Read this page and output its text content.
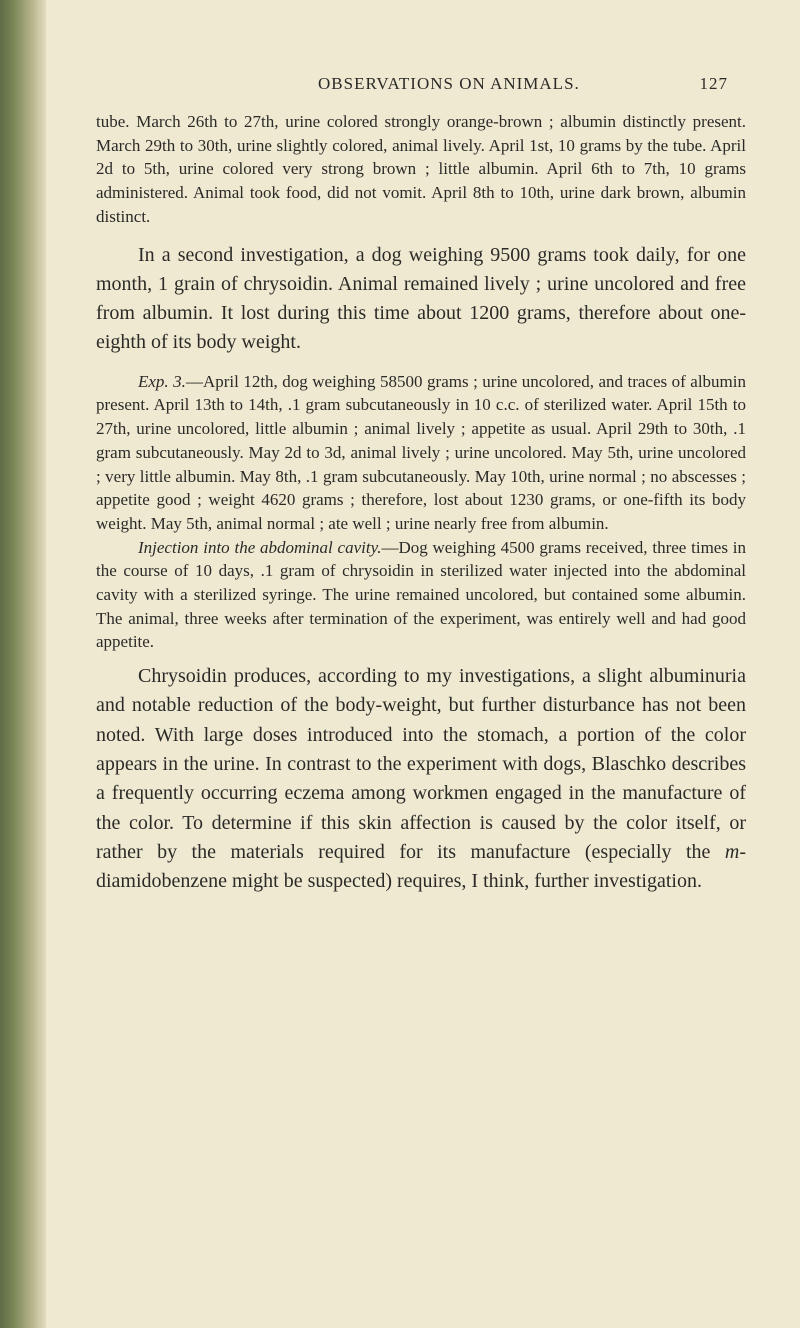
OBSERVATIONS ON ANIMALS.	127

tube. March 26th to 27th, urine colored strongly orange-brown ; albumin distinctly present. March 29th to 30th, urine slightly colored, animal lively. April 1st, 10 grams by the tube. April 2d to 5th, urine colored very strong brown ; little albumin. April 6th to 7th, 10 grams administered. Animal took food, did not vomit. April 8th to 10th, urine dark brown, albumin distinct.

In a second investigation, a dog weighing 9500 grams took daily, for one month, 1 grain of chrysoidin. Animal remained lively ; urine uncolored and free from albumin. It lost during this time about 1200 grams, therefore about one-eighth of its body weight.

Exp. 3.—April 12th, dog weighing 58500 grams ; urine uncolored, and traces of albumin present. April 13th to 14th, .1 gram subcutaneously in 10 c.c. of sterilized water. April 15th to 27th, urine uncolored, little albumin ; animal lively ; appetite as usual. April 29th to 30th, .1 gram subcutaneously. May 2d to 3d, animal lively ; urine uncolored. May 5th, urine uncolored ; very little albumin. May 8th, .1 gram subcutaneously. May 10th, urine normal ; no abscesses ; appetite good ; weight 4620 grams ; therefore, lost about 1230 grams, or one-fifth its body weight. May 5th, animal normal ; ate well ; urine nearly free from albumin.

Injection into the abdominal cavity.—Dog weighing 4500 grams received, three times in the course of 10 days, .1 gram of chrysoidin in sterilized water injected into the abdominal cavity with a sterilized syringe. The urine remained uncolored, but contained some albumin. The animal, three weeks after termination of the experiment, was entirely well and had good appetite.

Chrysoidin produces, according to my investigations, a slight albuminuria and notable reduction of the body-weight, but further disturbance has not been noted. With large doses introduced into the stomach, a portion of the color appears in the urine. In contrast to the experiment with dogs, Blaschko describes a frequently occurring eczema among workmen engaged in the manufacture of the color. To determine if this skin affection is caused by the color itself, or rather by the materials required for its manufacture (especially the m-diamidobenzene might be suspected) requires, I think, further investigation.
